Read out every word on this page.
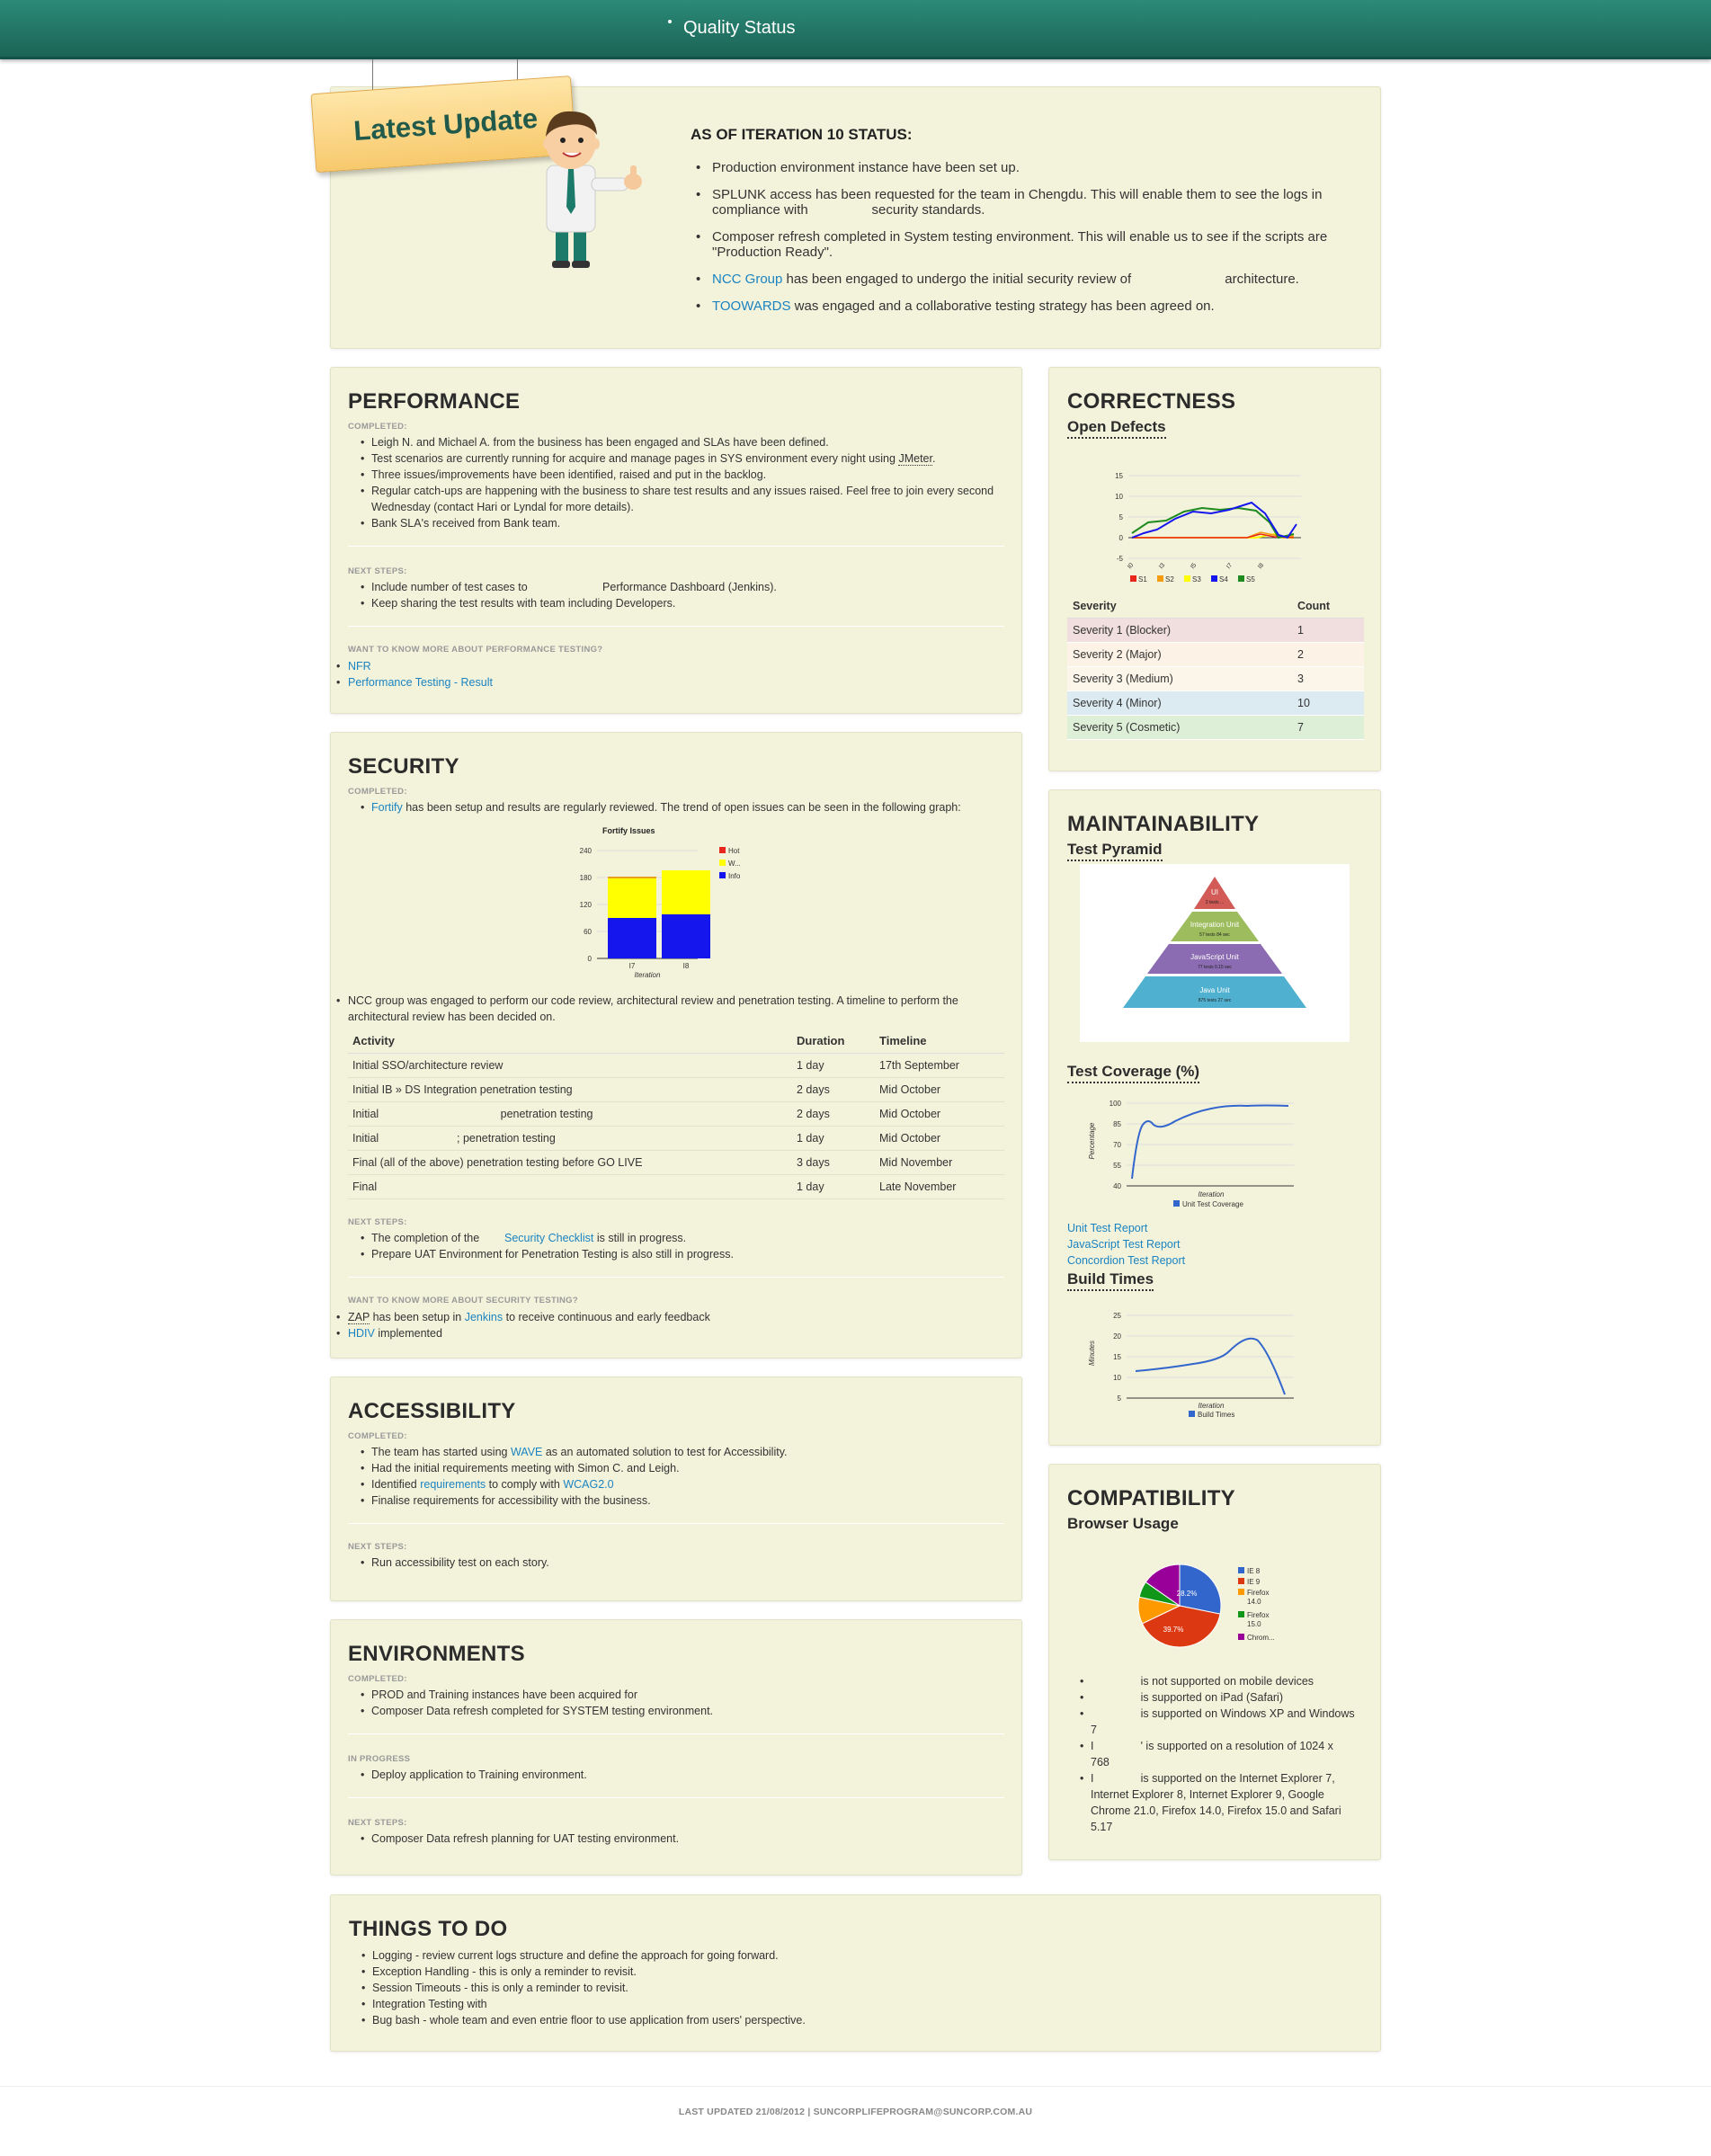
Quality Status
Latest Update	AS OF ITERATION 10 STATUS:
• Production environment instance have been set up.
• SPLUNK access has been requested for the team in Chengdu. This will enable them to see the logs in compliance with                 security standards.
• Composer refresh completed in System testing environment. This will enable us to see if the scripts are "Production Ready".
• NCC Group has been engaged to undergo the initial security review of                         architecture.
• TOOWARDS was engaged and a collaborative testing strategy has been agreed on.
PERFORMANCE
COMPLETED:
• Leigh N. and Michael A. from the business has been engaged and SLAs have been defined.
• Test scenarios are currently running for acquire and manage pages in SYS environment every night using JMeter.
• Three issues/improvements have been identified, raised and put in the backlog.
• Regular catch-ups are happening with the business to share test results and any issues raised. Feel free to join every second Wednesday (contact Hari or Lyndal for more details).
• Bank SLA's received from Bank team.
NEXT STEPS:
• Include number of test cases to                        Performance Dashboard (Jenkins).
• Keep sharing the test results with team including Developers.
WANT TO KNOW MORE ABOUT PERFORMANCE TESTING?
• NFR
• Performance Testing - Result
SECURITY
COMPLETED:
• Fortify has been setup and results are regularly reviewed. The trend of open issues can be seen in the following graph:
Fortify Issues
240
180
120
60
0
I7	I8
Iteration
Hot
W...
Info
• NCC group was engaged to perform our code review, architectural review and penetration testing. A timeline to perform the architectural review has been decided on.
Activity	Duration	Timeline
Initial SSO/architecture review	1 day	17th September
Initial IB » DS Integration penetration testing	2 days	Mid October
Initial                                       penetration testing	2 days	Mid October
Initial                         ; penetration testing	1 day	Mid October
Final (all of the above) penetration testing before GO LIVE	3 days	Mid November
Final	1 day	Late November
NEXT STEPS:
• The completion of the        Security Checklist is still in progress.
• Prepare UAT Environment for Penetration Testing is also still in progress.
WANT TO KNOW MORE ABOUT SECURITY TESTING?
• ZAP has been setup in Jenkins to receive continuous and early feedback
• HDIV implemented
ACCESSIBILITY
COMPLETED:
• The team has started using WAVE as an automated solution to test for Accessibility.
• Had the initial requirements meeting with Simon C. and Leigh.
• Identified requirements to comply with WCAG2.0
• Finalise requirements for accessibility with the business.
NEXT STEPS:
• Run accessibility test on each story.
ENVIRONMENTS
COMPLETED:
• PROD and Training instances have been acquired for
• Composer Data refresh completed for SYSTEM testing environment.
IN PROGRESS
• Deploy application to Training environment.
NEXT STEPS:
• Composer Data refresh planning for UAT testing environment.
THINGS TO DO
• Logging - review current logs structure and define the approach for going forward.
• Exception Handling - this is only a reminder to revisit.
• Session Timeouts - this is only a reminder to revisit.
• Integration Testing with
• Bug bash - whole team and even entrie floor to use application from users' perspective.
CORRECTNESS
Open Defects
15
10
5
0
-5
I0	I3	I5	I7	I8
S1	S2	S3	S4	S5
Severity	Count
Severity 1 (Blocker)	1
Severity 2 (Major)	2
Severity 3 (Medium)	3
Severity 4 (Minor)	10
Severity 5 (Cosmetic)	7
MAINTAINABILITY
Test Pyramid
UI
2 tests ...
Integration Unit
57 tests 84 sec
JavaScript Unit
77 tests 0.15 sec
Java Unit
875 tests 27 sec
Test Coverage (%)
Percentage
100
85
70
55
40
Iteration
Unit Test Coverage
Unit Test Report
JavaScript Test Report
Concordion Test Report
Build Times
Minutes
25
20
15
10
5
Iteration
Build Times
COMPATIBILITY
Browser Usage
28.2%
39.7%
IE 8
IE 9
Firefox
14.0
Firefox
15.0
Chrom...
•                 is not supported on mobile devices
•                 is supported on iPad (Safari)
•                 is supported on Windows XP and Windows 7
• I               ' is supported on a resolution of 1024 x 768
• I               is supported on the Internet Explorer 7, Internet Explorer 8, Internet Explorer 9, Google Chrome 21.0, Firefox 14.0, Firefox 15.0 and Safari 5.17
LAST UPDATED 21/08/2012 | SUNCORPLIFEPROGRAM@SUNCORP.COM.AU
